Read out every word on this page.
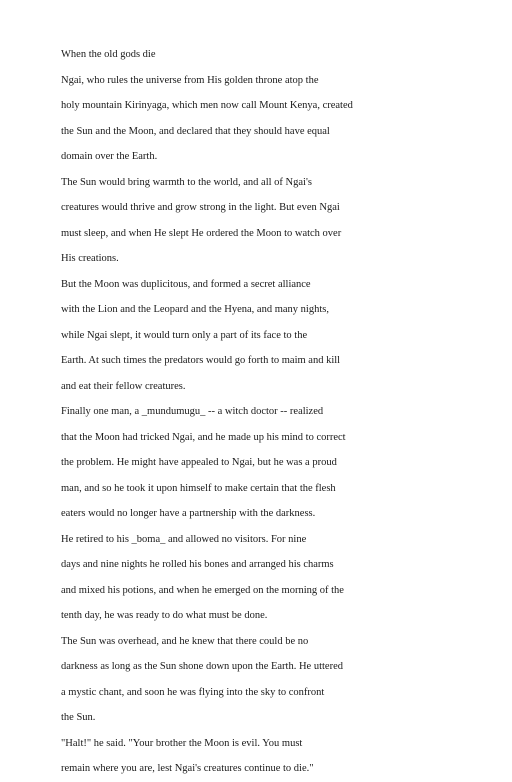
When the old gods die
Ngai, who rules the universe from His golden throne atop the
holy mountain Kirinyaga, which men now call Mount Kenya, created
the Sun and the Moon, and declared that they should have equal
domain over the Earth.
The Sun would bring warmth to the world, and all of Ngai's
creatures would thrive and grow strong in the light. But even Ngai
must sleep, and when He slept He ordered the Moon to watch over
His creations.
But the Moon was duplicitous, and formed a secret alliance
with the Lion and the Leopard and the Hyena, and many nights,
while Ngai slept, it would turn only a part of its face to the
Earth. At such times the predators would go forth to maim and kill
and eat their fellow creatures.
Finally one man, a _mundumugu_ -- a witch doctor -- realized
that the Moon had tricked Ngai, and he made up his mind to correct
the problem. He might have appealed to Ngai, but he was a proud
man, and so he took it upon himself to make certain that the flesh
eaters would no longer have a partnership with the darkness.
He retired to his _boma_ and allowed no visitors. For nine
days and nine nights he rolled his bones and arranged his charms
and mixed his potions, and when he emerged on the morning of the
tenth day, he was ready to do what must be done.
The Sun was overhead, and he knew that there could be no
darkness as long as the Sun shone down upon the Earth. He uttered
a mystic chant, and soon he was flying into the sky to confront
the Sun.
"Halt!" he said. "Your brother the Moon is evil. You must
remain where you are, lest Ngai's creatures continue to die."
